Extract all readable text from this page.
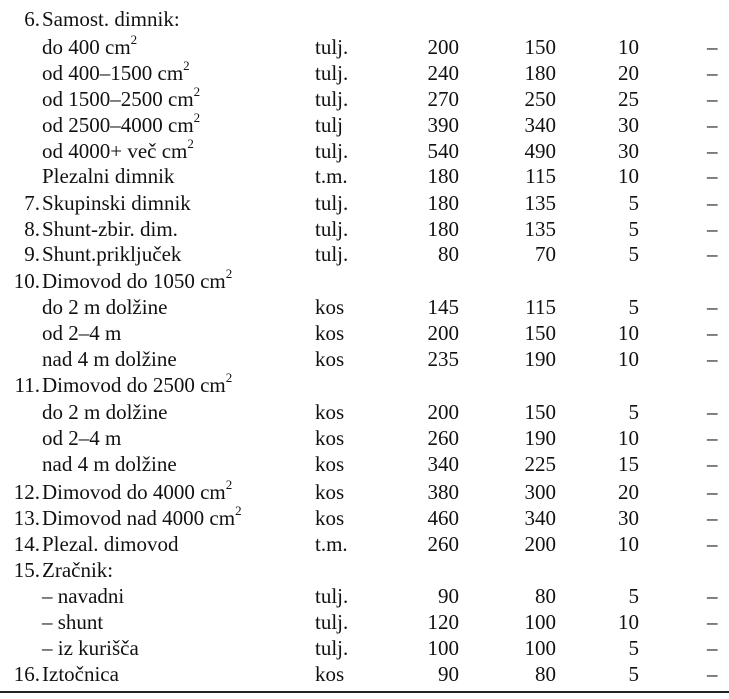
6. Samost. dimnik:
do 400 $cm^2$	tulj.	200	150	10	–
od 400–1500 $cm^2$	tulj.	240	180	20	–
od 1500–2500 $cm^2$	tulj.	270	250	25	–
od 2500–4000 $cm^2$	tulj	390	340	30	–
od 4000+ več $cm^2$	tulj.	540	490	30	–
Plezalni dimnik	t.m.	180	115	10	–
7. Skupinski dimnik	tulj.	180	135	5	–
8. Shunt-zbir. dim.	tulj.	180	135	5	–
9. Shunt.priključek	tulj.	80	70	5	–
10. Dimovod do 1050 $cm^2$
do 2 m dolžine	kos	145	115	5	–
od 2–4 m	kos	200	150	10	–
nad 4 m dolžine	kos	235	190	10	–
11. Dimovod do 2500 $cm^2$
do 2 m dolžine	kos	200	150	5	–
od 2–4 m	kos	260	190	10	–
nad 4 m dolžine	kos	340	225	15	–
12. Dimovod do 4000 $cm^2$	kos	380	300	20	–
13. Dimovod nad 4000 $cm^2$	kos	460	340	30	–
14. Plezal. dimovod	t.m.	260	200	10	–
15. Zračnik:
– navadni	tulj.	90	80	5	–
– shunt	tulj.	120	100	10	–
– iz kurišča	tulj.	100	100	5	–
16. Iztočnica	kos	90	80	5	–
